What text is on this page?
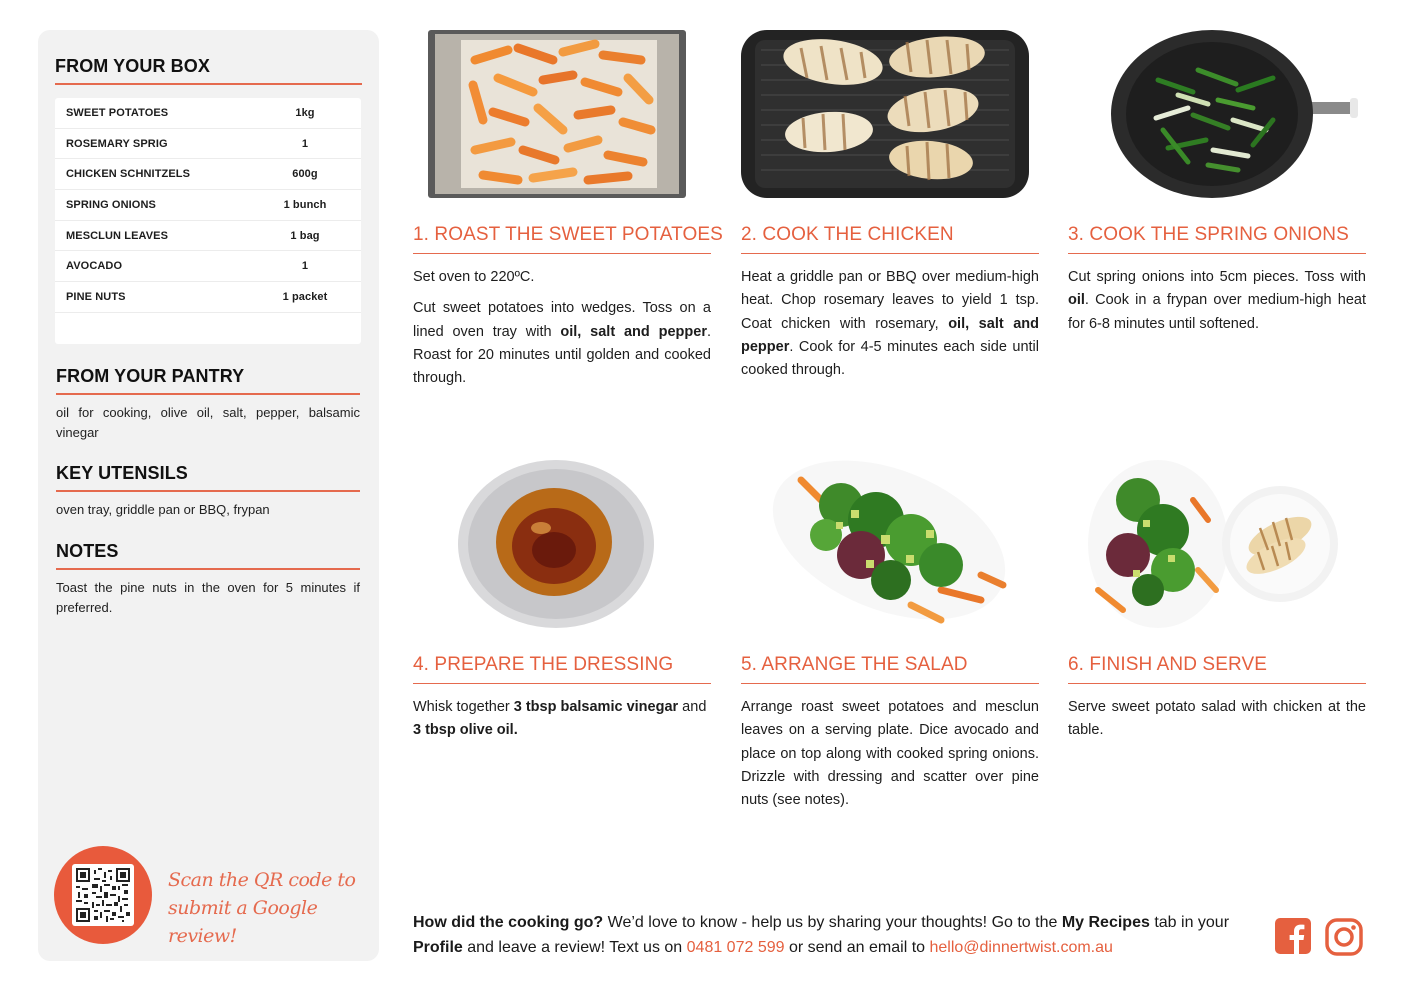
FROM YOUR BOX
SWEET POTATOES	1kg
ROSEMARY SPRIG	1
CHICKEN SCHNITZELS	600g
SPRING ONIONS	1 bunch
MESCLUN LEAVES	1 bag
AVOCADO	1
PINE NUTS	1 packet
FROM YOUR PANTRY
oil for cooking, olive oil, salt, pepper, balsamic vinegar
KEY UTENSILS
oven tray, griddle pan or BBQ, frypan
NOTES
Toast the pine nuts in the oven for 5 minutes if preferred.
Scan the QR code to
submit a Google review!
1. ROAST THE SWEET POTATOES

Set oven to 220ºC.

Cut sweet potatoes into wedges. Toss on a lined oven tray with oil, salt and pepper. Roast for 20 minutes until golden and cooked through.

2. COOK THE CHICKEN

Heat a griddle pan or BBQ over medium-high heat. Chop rosemary leaves to yield 1 tsp. Coat chicken with rosemary, oil, salt and pepper. Cook for 4-5 minutes each side until cooked through.

3. COOK THE SPRING ONIONS

Cut spring onions into 5cm pieces. Toss with oil. Cook in a frypan over medium-high heat for 6-8 minutes until softened.

4. PREPARE THE DRESSING

Whisk together 3 tbsp balsamic vinegar and 3 tbsp olive oil.

5. ARRANGE THE SALAD

Arrange roast sweet potatoes and mesclun leaves on a serving plate. Dice avocado and place on top along with cooked spring onions. Drizzle with dressing and scatter over pine nuts (see notes).

6. FINISH AND SERVE

Serve sweet potato salad with chicken at the table.

How did the cooking go? We’d love to know - help us by sharing your thoughts! Go to the My Recipes tab in your Profile and leave a review! Text us on 0481 072 599 or send an email to hello@dinnertwist.com.au
